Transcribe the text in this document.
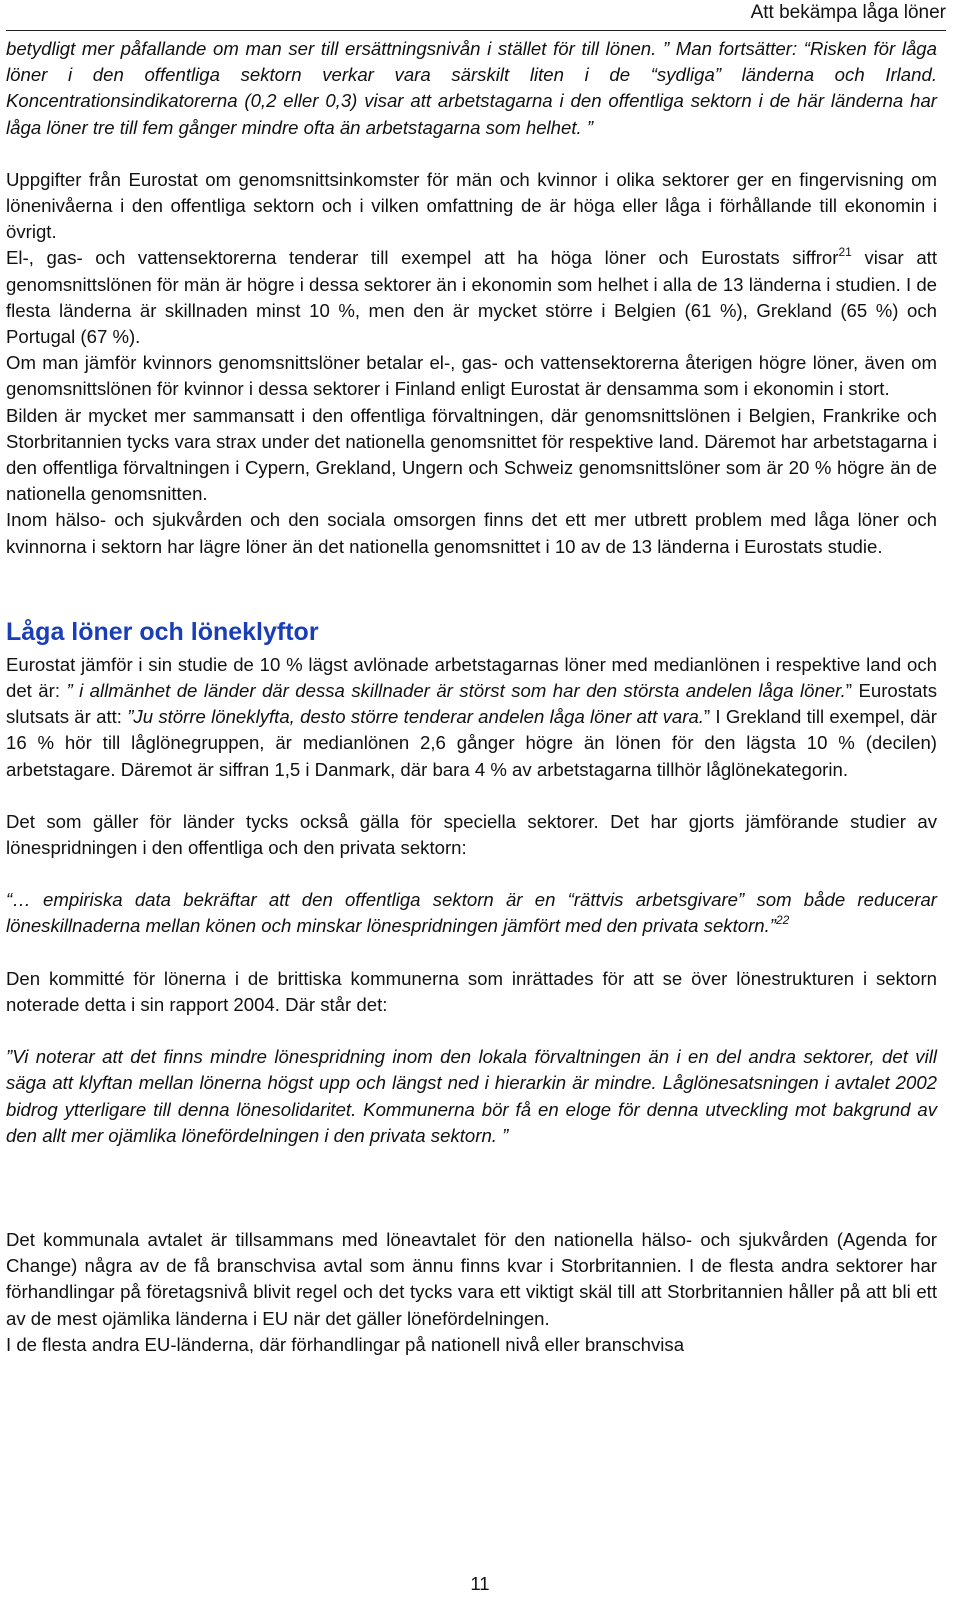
Att bekämpa låga löner

betydligt mer påfallande om man ser till ersättningsnivån i stället för till lönen. ” Man fortsätter: “Risken för låga löner i den offentliga sektorn verkar vara särskilt liten i de “sydliga” länderna och Irland. Koncentrationsindikatorerna (0,2 eller 0,3) visar att arbetstagarna i den offentliga sektorn i de här länderna har låga löner tre till fem gånger mindre ofta än arbetstagarna som helhet. ”

Uppgifter från Eurostat om genomsnittsinkomster för män och kvinnor i olika sektorer ger en fingervisning om lönenivåerna i den offentliga sektorn och i vilken omfattning de är höga eller låga i förhållande till ekonomin i övrigt.

El-, gas- och vattensektorerna tenderar till exempel att ha höga löner och Eurostats siffror$^{21}$ visar att genomsnittslönen för män är högre i dessa sektorer än i ekonomin som helhet i alla de 13 länderna i studien. I de flesta länderna är skillnaden minst 10 %, men den är mycket större i Belgien (61 %), Grekland (65 %) och Portugal (67 %).

Om man jämför kvinnors genomsnittslöner betalar el-, gas- och vattensektorerna återigen högre löner, även om genomsnittslönen för kvinnor i dessa sektorer i Finland enligt Eurostat är densamma som i ekonomin i stort.

Bilden är mycket mer sammansatt i den offentliga förvaltningen, där genomsnittslönen i Belgien, Frankrike och Storbritannien tycks vara strax under det nationella genomsnittet för respektive land. Däremot har arbetstagarna i den offentliga förvaltningen i Cypern, Grekland, Ungern och Schweiz genomsnittslöner som är 20 % högre än de nationella genomsnitten.

Inom hälso- och sjukvården och den sociala omsorgen finns det ett mer utbrett problem med låga löner och kvinnorna i sektorn har lägre löner än det nationella genomsnittet i 10 av de 13 länderna i Eurostats studie.

Låga löner och löneklyftor

Eurostat jämför i sin studie de 10 % lägst avlönade arbetstagarnas löner med medianlönen i respektive land och det är: ” i allmänhet de länder där dessa skillnader är störst som har den största andelen låga löner.” Eurostats slutsats är att: ”Ju större löneklyfta, desto större tenderar andelen låga löner att vara.” I Grekland till exempel, där 16 % hör till låglönegruppen, är medianlönen 2,6 gånger högre än lönen för den lägsta 10 % (decilen) arbetstagare. Däremot är siffran 1,5 i Danmark, där bara 4 % av arbetstagarna tillhör låglönekategorin.

Det som gäller för länder tycks också gälla för speciella sektorer. Det har gjorts jämförande studier av lönespridningen i den offentliga och den privata sektorn:

“… empiriska data bekräftar att den offentliga sektorn är en “rättvis arbetsgivare” som både reducerar löneskillnaderna mellan könen och minskar lönespridningen jämfört med den privata sektorn.”$^{22}$

Den kommitté för lönerna i de brittiska kommunerna som inrättades för att se över lönestrukturen i sektorn noterade detta i sin rapport 2004. Där står det:

”Vi noterar att det finns mindre lönespridning inom den lokala förvaltningen än i en del andra sektorer, det vill säga att klyftan mellan lönerna högst upp och längst ned i hierarkin är mindre. Låglönesatsningen i avtalet 2002 bidrog ytterligare till denna lönesolidaritet. Kommunerna bör få en eloge för denna utveckling mot bakgrund av den allt mer ojämlika lönefördelningen i den privata sektorn. ”

Det kommunala avtalet är tillsammans med löneavtalet för den nationella hälso- och sjukvården (Agenda for Change) några av de få branschvisa avtal som ännu finns kvar i Storbritannien. I de flesta andra sektorer har förhandlingar på företagsnivå blivit regel och det tycks vara ett viktigt skäl till att Storbritannien håller på att bli ett av de mest ojämlika länderna i EU när det gäller lönefördelningen.

I de flesta andra EU-länderna, där förhandlingar på nationell nivå eller branschvisa

11
